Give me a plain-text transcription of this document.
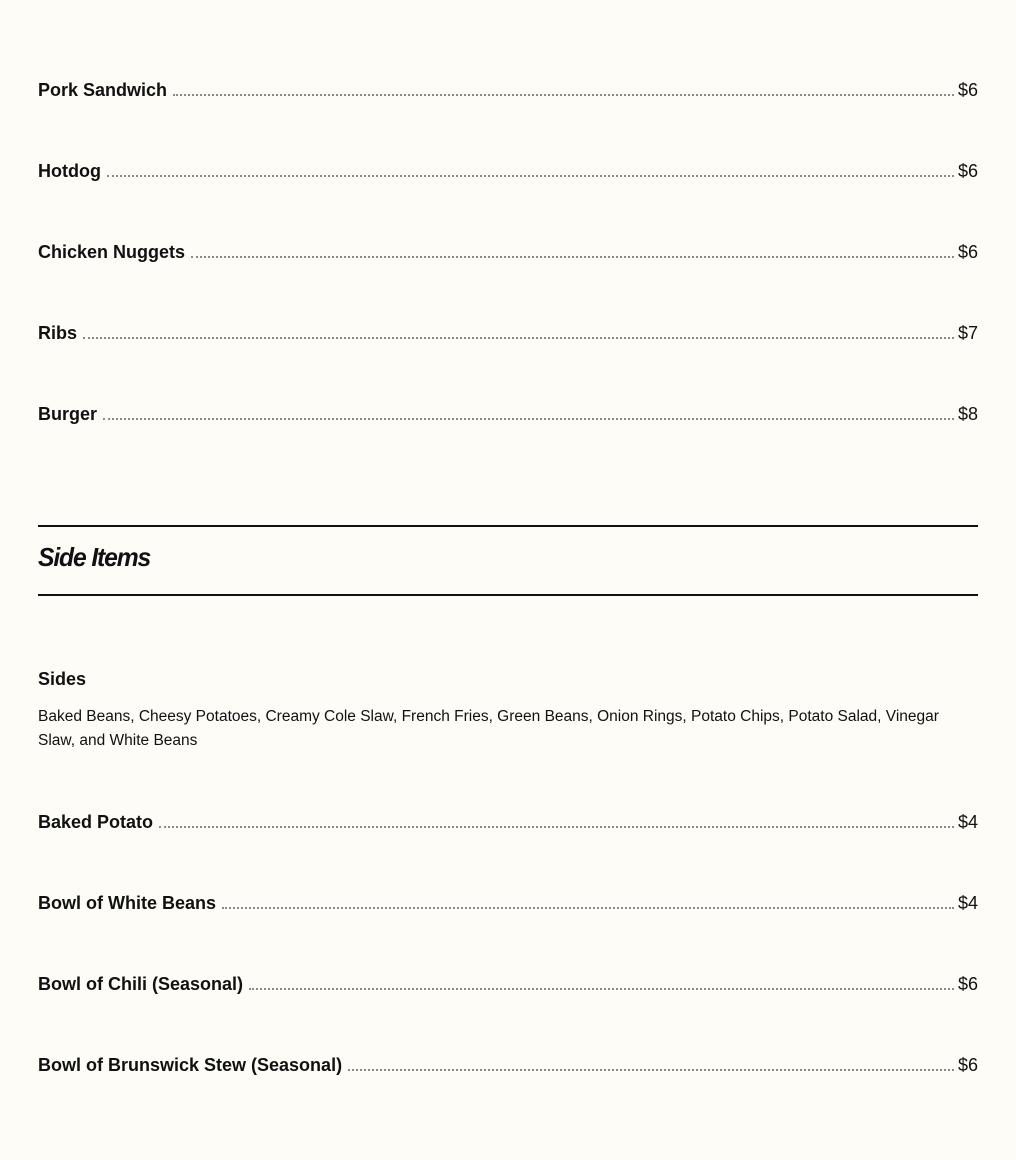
Pork Sandwich	$6
Hotdog	$6
Chicken Nuggets	$6
Ribs	$7
Burger	$8
Side Items
Sides
Baked Beans, Cheesy Potatoes, Creamy Cole Slaw, French Fries, Green Beans, Onion Rings, Potato Chips, Potato Salad, Vinegar Slaw, and White Beans
Baked Potato	$4
Bowl of White Beans	$4
Bowl of Chili (Seasonal)	$6
Bowl of Brunswick Stew (Seasonal)	$6
